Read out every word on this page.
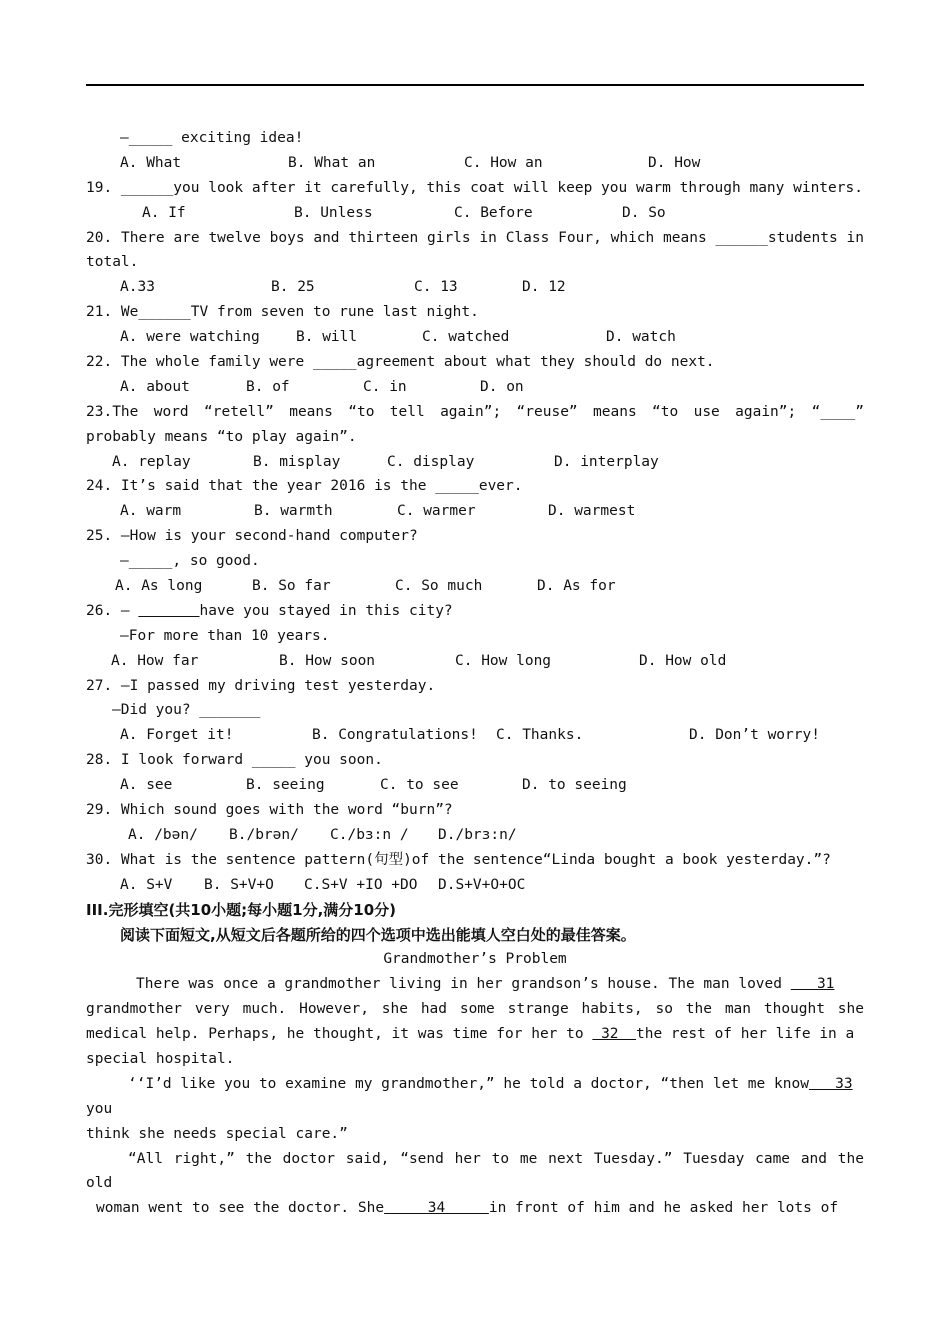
—_____ exciting idea!
A. What	B. What an	C. How an	D. How
19. ______you look after it carefully, this coat will keep you warm through many winters.
A. If	B. Unless	C. Before	D. So
20. There are twelve boys and thirteen girls in Class Four, which means ______students in
total.
A.33	B. 25	C. 13	D. 12
21. We______TV from seven to rune last night.
A. were watching	B. will	C. watched	D. watch
22. The whole family were _____agreement about what they should do next.
A. about	B. of	C. in	D. on
23.The word “retell” means “to tell again”; “reuse” means “to use again”; “____”
probably means “to play again”.
A. replay	B. misplay	C. display	D. interplay
24. It’s said that the year 2016 is the _____ever.
A. warm	B. warmth	C. warmer	D. warmest
25. —How is your second-hand computer?
—_____, so good.
A. As long	B. So far	C. So much	D. As for
26. —	have you stayed in this city?
—For more than 10 years.
A. How far	B. How soon	C. How long	D. How old
27. —I passed my driving test yesterday.
—Did you? _______
A. Forget it!	B. Congratulations!	C. Thanks.	D. Don’t worry!
28. I look forward _____ you soon.
A. see	B. seeing	C. to see	D. to seeing
29. Which sound goes with the word “burn”?
A. /bən/	B./brən/	C./bɜ:n /	D./brɜ:n/
30. What is the sentence pattern(句型)of the sentence“Linda bought a book yesterday.”?
A. S+V	B. S+V+O	C.S+V +IO +DO	D.S+V+O+OC
III.完形填空(共10小题;每小题1分,满分10分)
阅读下面短文,从短文后各题所给的四个选项中选出能填人空白处的最佳答案。
Grandmother’s Problem
There was once a grandmother living in her grandson’s house. The man loved    31
grandmother very much. However, she had some strange habits, so the man thought she
medical help. Perhaps, he thought, it was time for her to  32  the rest of her life in a
special hospital.
‘‘I’d like you to examine my grandmother,” he told a doctor, “then let me know   33
you
think she needs special care.”
“All right,” the doctor said, “send her to me next Tuesday.” Tuesday came and the
old
woman went to see the doctor. She     34     in front of him and he asked her lots of
